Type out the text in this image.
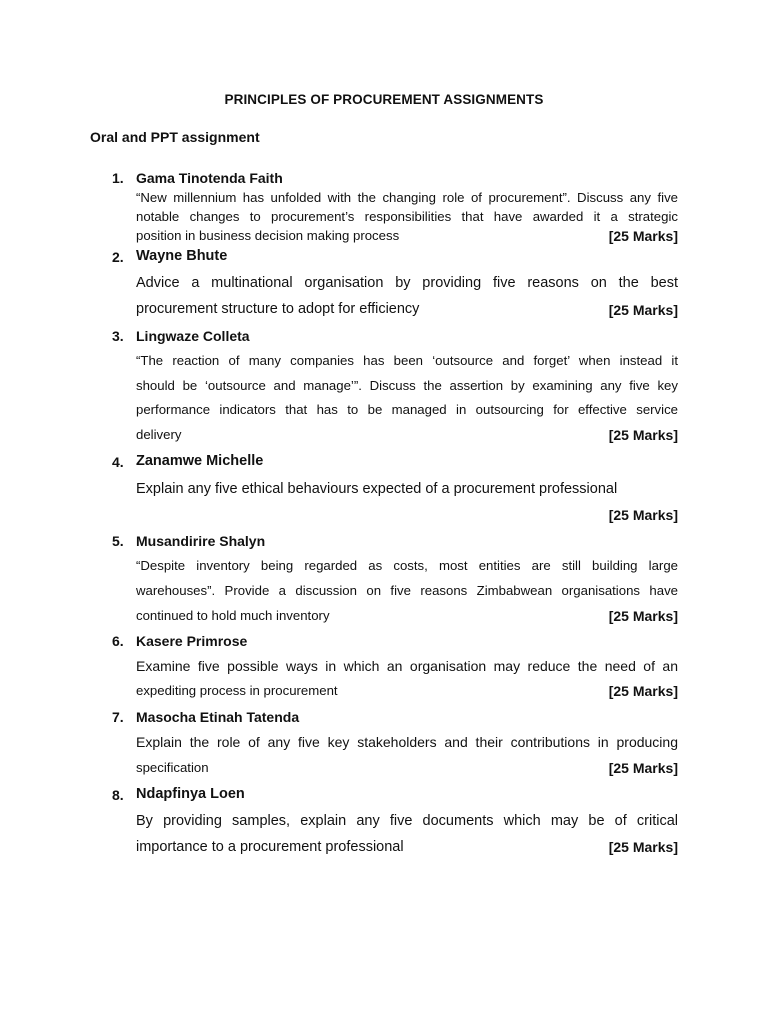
PRINCIPLES OF PROCUREMENT ASSIGNMENTS
Oral and PPT assignment
1. Gama Tinotenda Faith
“New millennium has unfolded with the changing role of procurement”. Discuss any five
notable changes to procurement’s responsibilities that have awarded it a strategic
position in business decision making process	[25 Marks]
2. Wayne Bhute
Advice a multinational organisation by providing five reasons on the best
procurement structure to adopt for efficiency	[25 Marks]
3. Lingwaze Colleta
“The reaction of many companies has been ‘outsource and forget’ when instead it
should be ‘outsource and manage’”. Discuss the assertion by examining any five key
performance indicators that has to be managed in outsourcing for effective service
delivery	[25 Marks]
4. Zanamwe Michelle
Explain any five ethical behaviours expected of a procurement professional
[25 Marks]
5. Musandirire Shalyn
“Despite inventory being regarded as costs, most entities are still building large
warehouses”. Provide a discussion on five reasons Zimbabwean organisations have
continued to hold much inventory	[25 Marks]
6. Kasere Primrose
Examine five possible ways in which an organisation may reduce the need of an
expediting process in procurement	[25 Marks]
7. Masocha Etinah Tatenda
Explain the role of any five key stakeholders and their contributions in producing
specification	[25 Marks]
8. Ndapfinya Loen
By providing samples, explain any five documents which may be of critical
importance to a procurement professional	[25 Marks]
